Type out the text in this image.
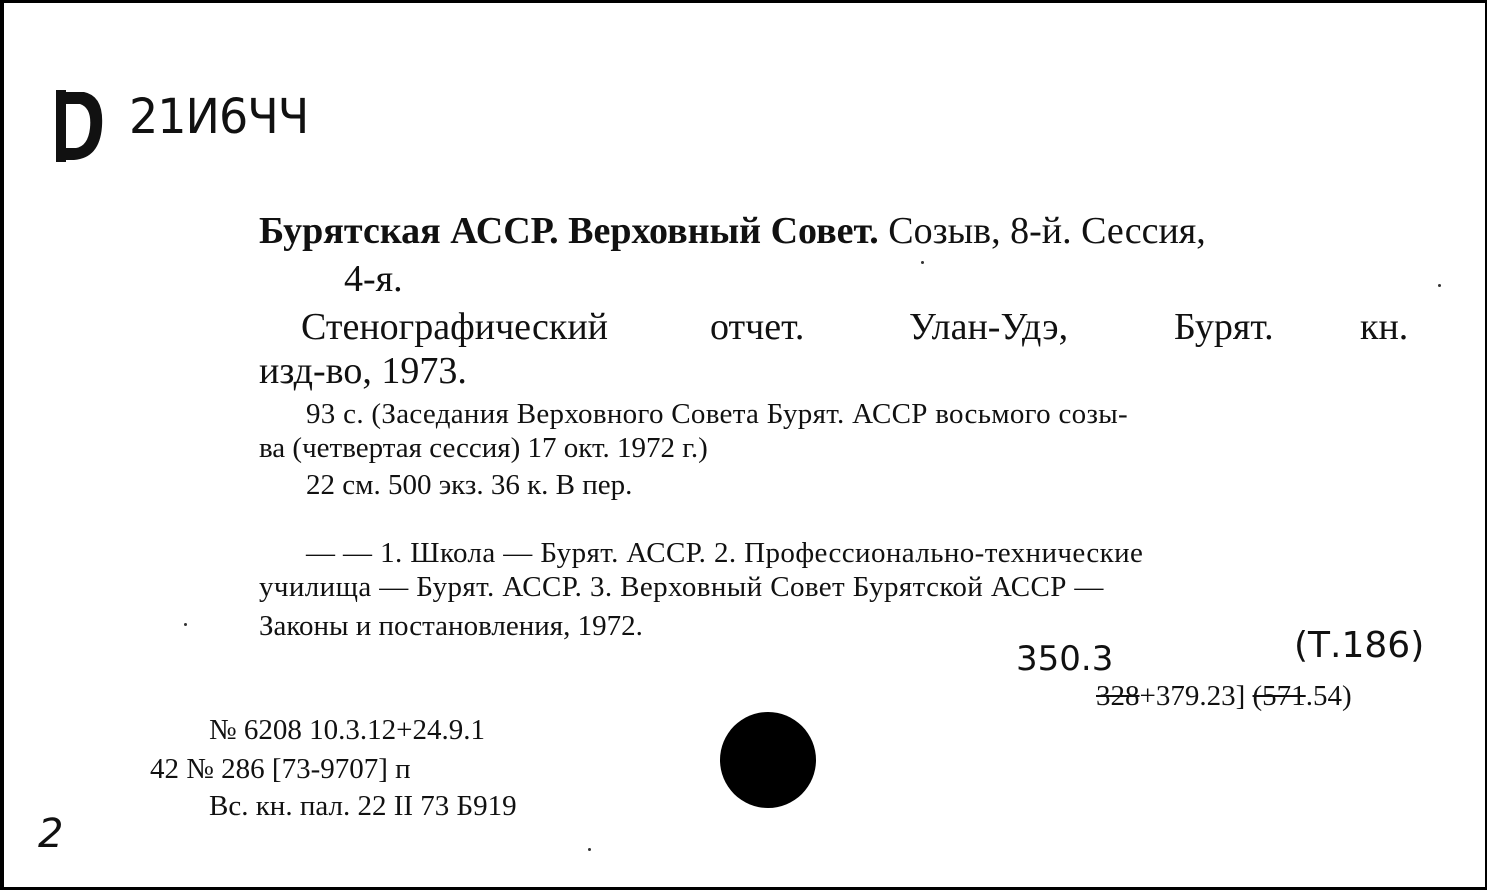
21И6ЧЧ
Бурятская АССР. Верховный Совет. Созыв, 8-й. Сессия,
4-я.
Стенографический	отчет.	Улан-Удэ,	Бурят. кн.
изд-во, 1973.
93 с. (Заседания Верховного Совета Бурят. АССР восьмого созы-
ва (четвертая сессия) 17 окт. 1972 г.)
22 см. 500 экз. 36 к. В пер.
— — 1. Школа — Бурят. АССР. 2. Профессионально-технические
училища — Бурят. АССР. 3. Верховный Совет Бурятской АССР —
Законы и постановления, 1972.
350.3	(Т.186)
328+379.23] (571.54)
№ 6208 10.3.12+24.9.1
42 № 286 [73-9707] п
Вс. кн. пал. 22 II 73 Б919
2
